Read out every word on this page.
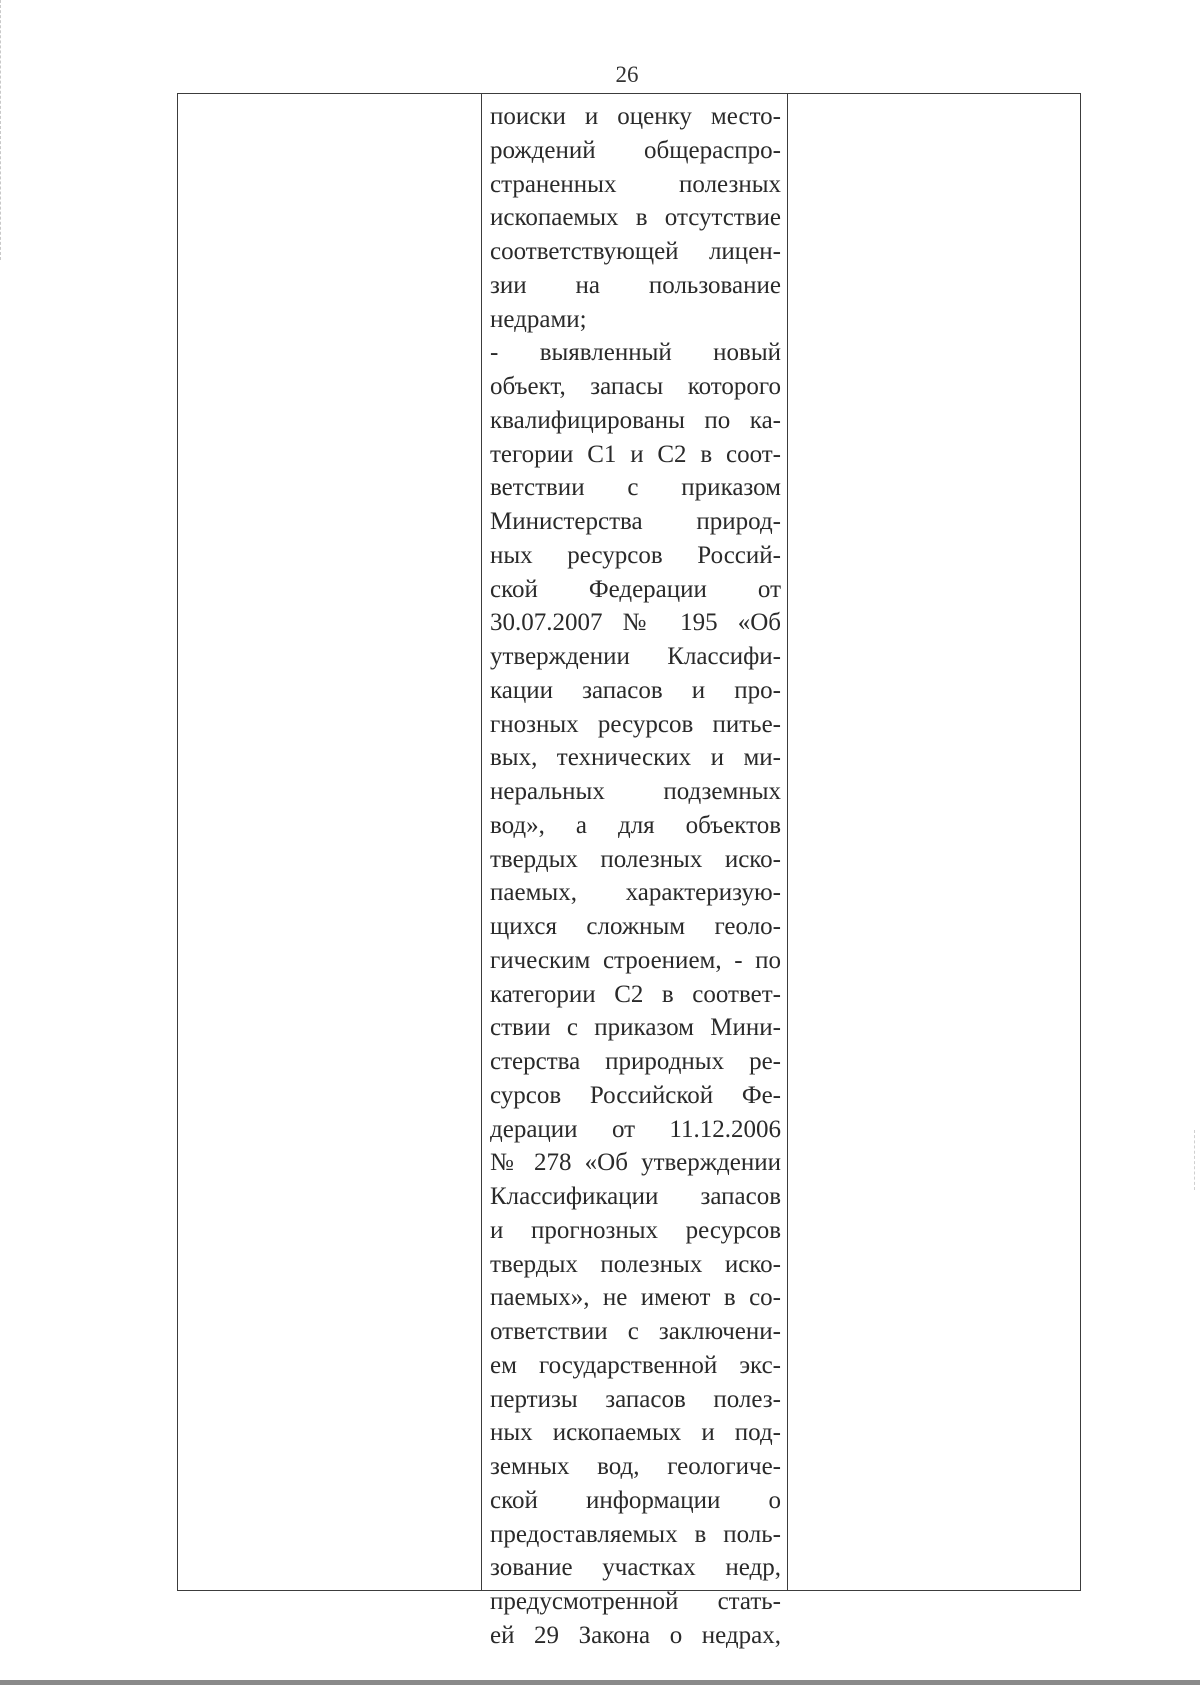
26
поиски и оценку место-
рождений общераспро-
страненных полезных
ископаемых в отсутствие
соответствующей лицен-
зии на пользование
недрами;
- выявленный новый
объект, запасы которого
квалифицированы по ка-
тегории С1 и С2 в соот-
ветствии с приказом
Министерства природ-
ных ресурсов Россий-
ской Федерации от
30.07.2007 № 195 «Об
утверждении Классифи-
кации запасов и про-
гнозных ресурсов питье-
вых, технических и ми-
неральных подземных
вод», а для объектов
твердых полезных иско-
паемых, характеризую-
щихся сложным геоло-
гическим строением, - по
категории С2 в соответ-
ствии с приказом Мини-
стерства природных ре-
сурсов Российской Фе-
дерации от 11.12.2006
№ 278 «Об утверждении
Классификации запасов
и прогнозных ресурсов
твердых полезных иско-
паемых», не имеют в со-
ответствии с заключени-
ем государственной экс-
пертизы запасов полез-
ных ископаемых и под-
земных вод, геологиче-
ской информации о
предоставляемых в поль-
зование участках недр,
предусмотренной стать-
ей 29 Закона о недрах,
